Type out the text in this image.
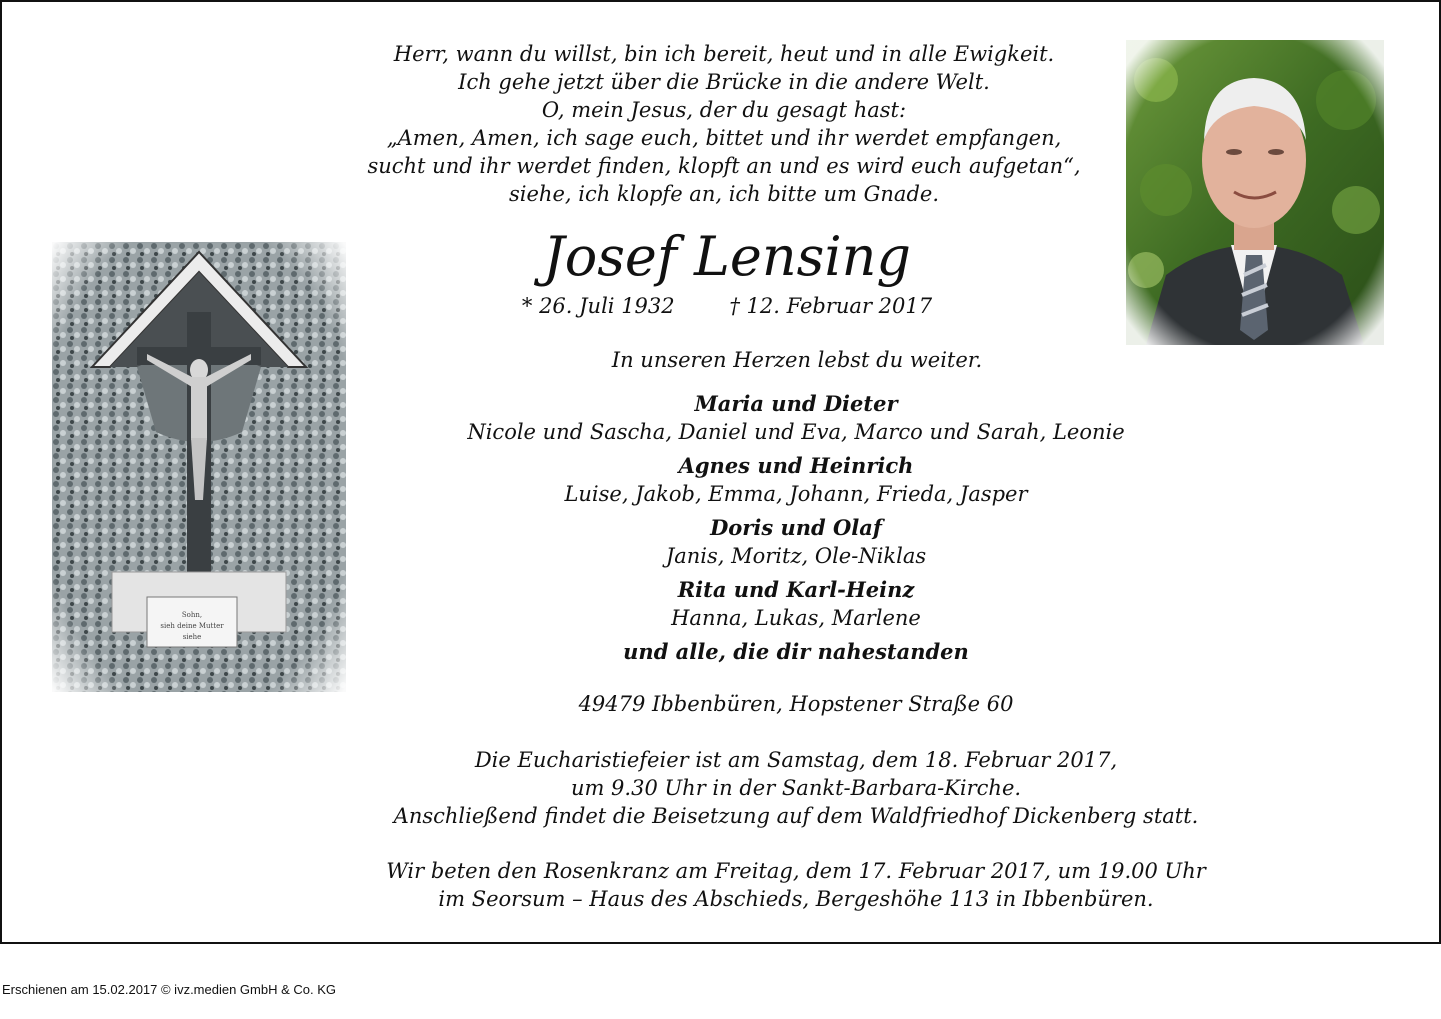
Herr, wann du willst, bin ich bereit, heut und in alle Ewigkeit.
Ich gehe jetzt über die Brücke in die andere Welt.
O, mein Jesus, der du gesagt hast:
„Amen, Amen, ich sage euch, bittet und ihr werdet empfangen,
sucht und ihr werdet finden, klopft an und es wird euch aufgetan“,
siehe, ich klopfe an, ich bitte um Gnade.
Josef Lensing
* 26. Juli 1932	† 12. Februar 2017
In unseren Herzen lebst du weiter.
Maria und Dieter
Nicole und Sascha, Daniel und Eva, Marco und Sarah, Leonie
Agnes und Heinrich
Luise, Jakob, Emma, Johann, Frieda, Jasper
Doris und Olaf
Janis, Moritz, Ole-Niklas
Rita und Karl-Heinz
Hanna, Lukas, Marlene
und alle, die dir nahestanden
49479 Ibbenbüren, Hopstener Straße 60
Die Eucharistiefeier ist am Samstag, dem 18. Februar 2017,
um 9.30 Uhr in der Sankt-Barbara-Kirche.
Anschließend findet die Beisetzung auf dem Waldfriedhof Dickenberg statt.
Wir beten den Rosenkranz am Freitag, dem 17. Februar 2017, um 19.00 Uhr
im Seorsum – Haus des Abschieds, Bergeshöhe 113 in Ibbenbüren.
Erschienen am 15.02.2017 © ivz.medien GmbH & Co. KG
